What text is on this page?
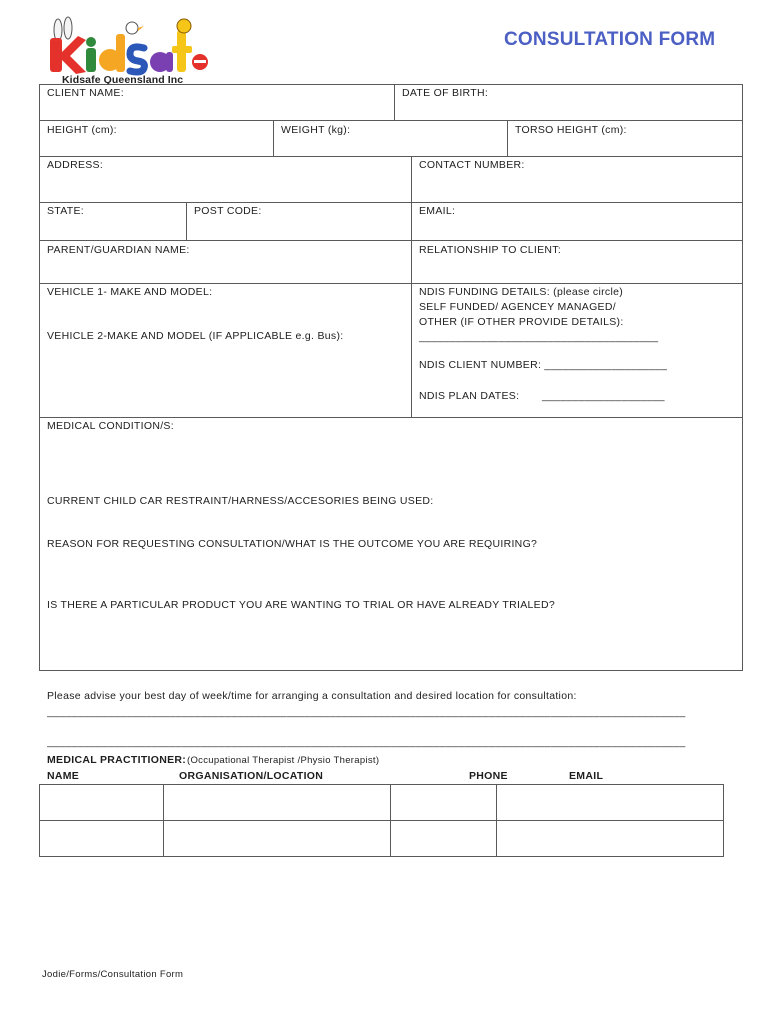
Kidsafe Queensland Inc
CONSULTATION FORM
CLIENT NAME:	DATE OF BIRTH:
HEIGHT (cm):	WEIGHT (kg):	TORSO HEIGHT (cm):
ADDRESS:	CONTACT NUMBER:
STATE:	POST CODE:	EMAIL:
PARENT/GUARDIAN NAME:	RELATIONSHIP TO CLIENT:
VEHICLE 1- MAKE AND MODEL:
VEHICLE 2-MAKE AND MODEL (IF APPLICABLE e.g. Bus):
NDIS FUNDING DETAILS: (please circle)
SELF FUNDED/ AGENCEY MANAGED/
OTHER (IF OTHER PROVIDE DETAILS):
_______________________________________
NDIS CLIENT NUMBER: ____________________
NDIS PLAN DATES: ____________________
MEDICAL CONDITION/S:
CURRENT CHILD CAR RESTRAINT/HARNESS/ACCESORIES BEING USED:
REASON FOR REQUESTING CONSULTATION/WHAT IS THE OUTCOME YOU ARE REQUIRING?
IS THERE A PARTICULAR PRODUCT YOU ARE WANTING TO TRIAL OR HAVE ALREADY TRIALED?
Please advise your best day of week/time for arranging a consultation and desired location for consultation:
________________________________________________________________________________________________________
________________________________________________________________________________________________________
MEDICAL PRACTITIONER: (Occupational Therapist /Physio Therapist)
NAME	ORGANISATION/LOCATION	PHONE	EMAIL
Jodie/Forms/Consultation Form
